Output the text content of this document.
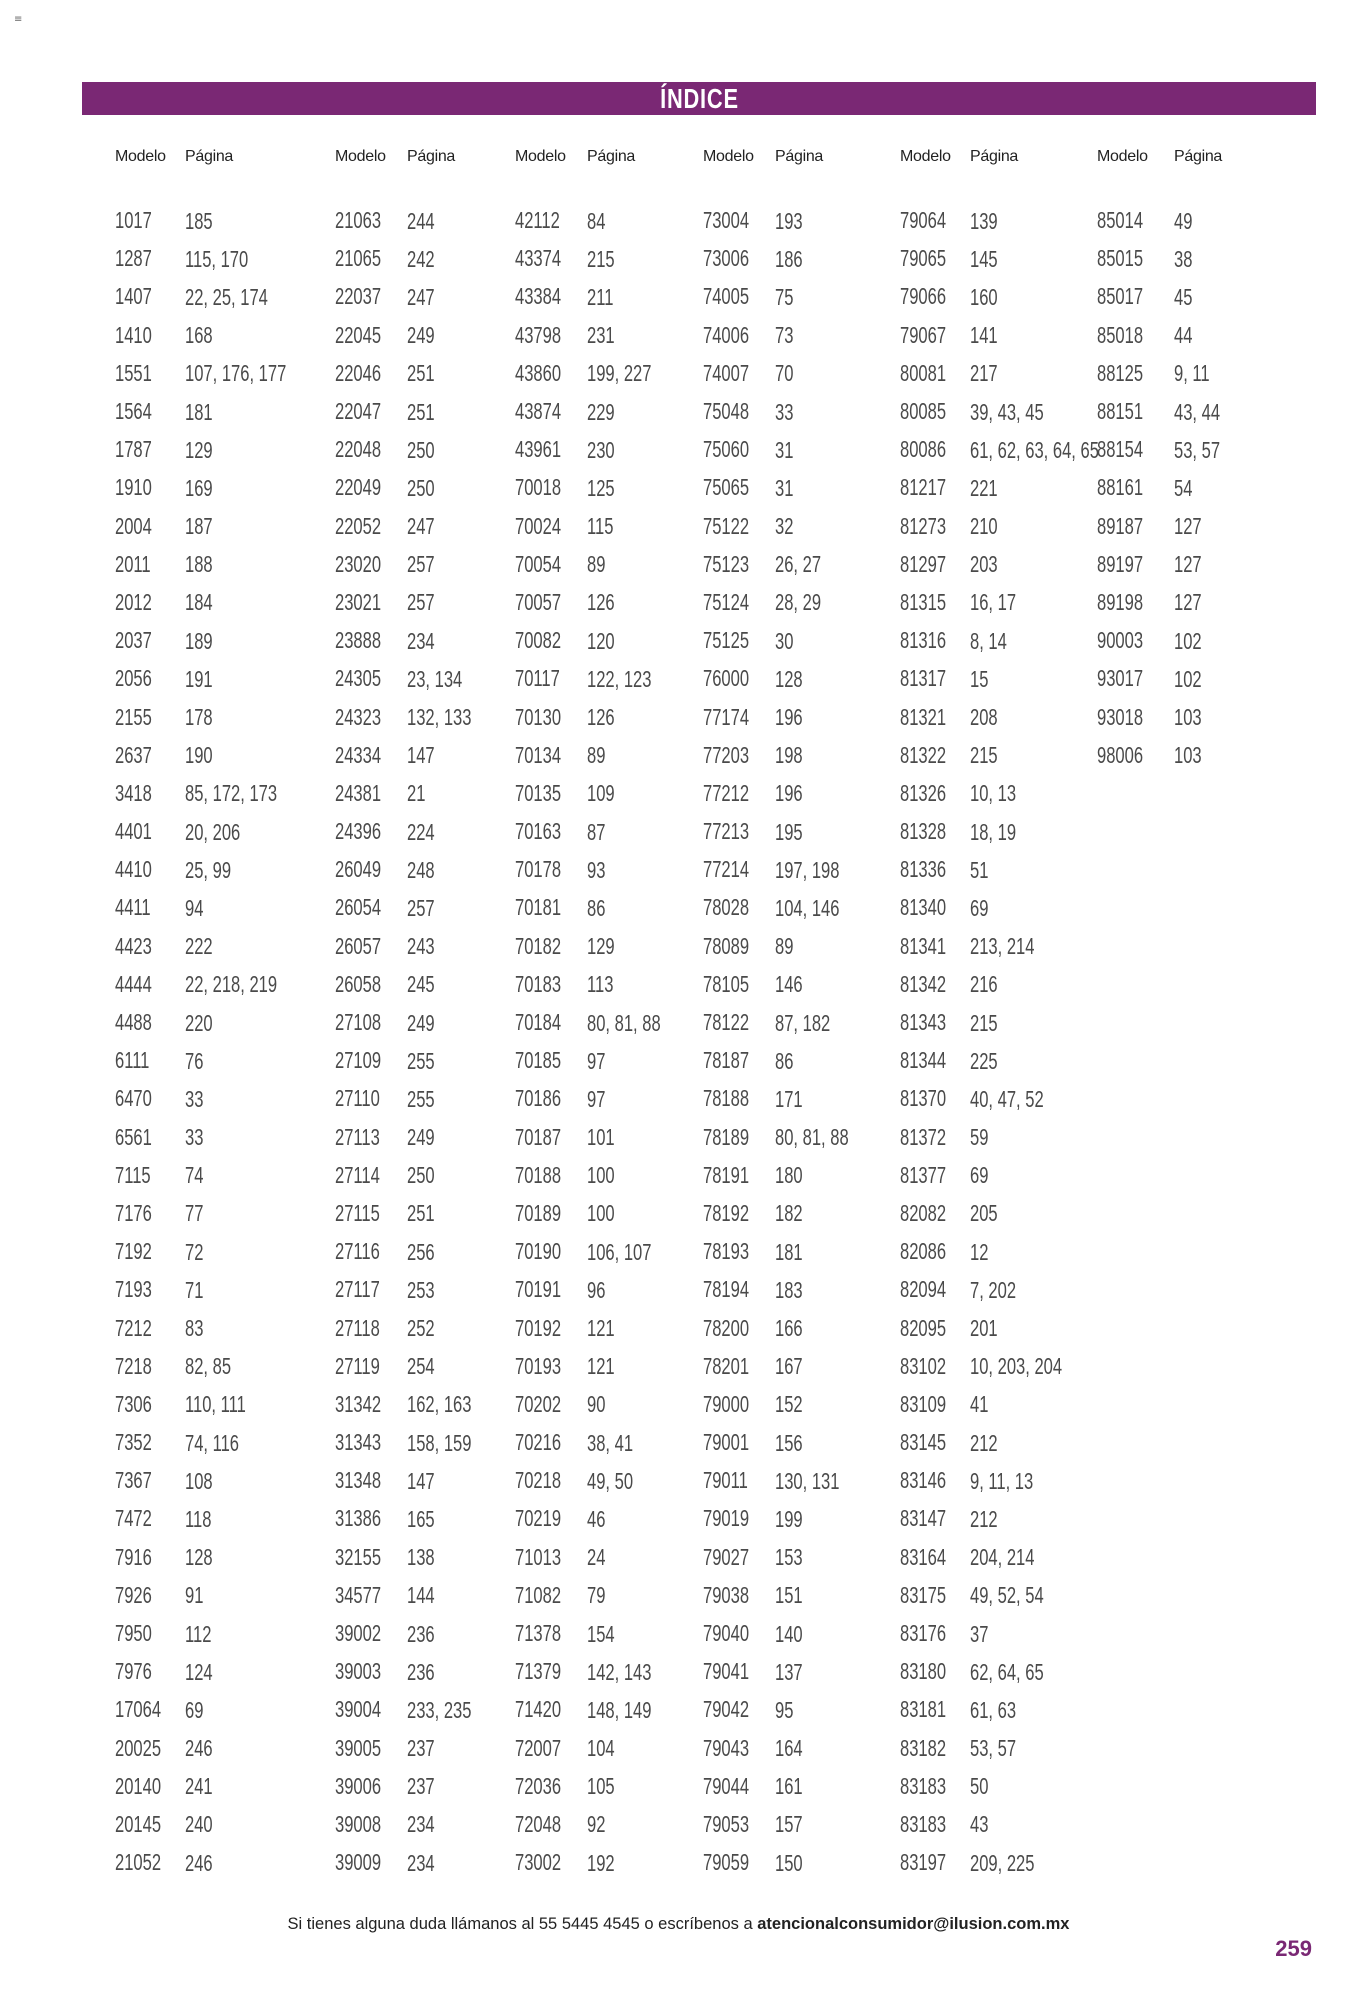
≡
ÍNDICE
Modelo	Página
1017	185
1287	115, 170
1407	22, 25, 174
1410	168
1551	107, 176, 177
1564	181
1787	129
1910	169
2004	187
2011	188
2012	184
2037	189
2056	191
2155	178
2637	190
3418	85, 172, 173
4401	20, 206
4410	25, 99
4411	94
4423	222
4444	22, 218, 219
4488	220
6111	76
6470	33
6561	33
7115	74
7176	77
7192	72
7193	71
7212	83
7218	82, 85
7306	110, 111
7352	74, 116
7367	108
7472	118
7916	128
7926	91
7950	112
7976	124
17064	69
20025	246
20140	241
20145	240
21052	246
Modelo	Página
21063	244
21065	242
22037	247
22045	249
22046	251
22047	251
22048	250
22049	250
22052	247
23020	257
23021	257
23888	234
24305	23, 134
24323	132, 133
24334	147
24381	21
24396	224
26049	248
26054	257
26057	243
26058	245
27108	249
27109	255
27110	255
27113	249
27114	250
27115	251
27116	256
27117	253
27118	252
27119	254
31342	162, 163
31343	158, 159
31348	147
31386	165
32155	138
34577	144
39002	236
39003	236
39004	233, 235
39005	237
39006	237
39008	234
39009	234
Modelo	Página
42112	84
43374	215
43384	211
43798	231
43860	199, 227
43874	229
43961	230
70018	125
70024	115
70054	89
70057	126
70082	120
70117	122, 123
70130	126
70134	89
70135	109
70163	87
70178	93
70181	86
70182	129
70183	113
70184	80, 81, 88
70185	97
70186	97
70187	101
70188	100
70189	100
70190	106, 107
70191	96
70192	121
70193	121
70202	90
70216	38, 41
70218	49, 50
70219	46
71013	24
71082	79
71378	154
71379	142, 143
71420	148, 149
72007	104
72036	105
72048	92
73002	192
Modelo	Página
73004	193
73006	186
74005	75
74006	73
74007	70
75048	33
75060	31
75065	31
75122	32
75123	26, 27
75124	28, 29
75125	30
76000	128
77174	196
77203	198
77212	196
77213	195
77214	197, 198
78028	104, 146
78089	89
78105	146
78122	87, 182
78187	86
78188	171
78189	80, 81, 88
78191	180
78192	182
78193	181
78194	183
78200	166
78201	167
79000	152
79001	156
79011	130, 131
79019	199
79027	153
79038	151
79040	140
79041	137
79042	95
79043	164
79044	161
79053	157
79059	150
Modelo	Página
79064	139
79065	145
79066	160
79067	141
80081	217
80085	39, 43, 45
80086	61, 62, 63, 64, 65
81217	221
81273	210
81297	203
81315	16, 17
81316	8, 14
81317	15
81321	208
81322	215
81326	10, 13
81328	18, 19
81336	51
81340	69
81341	213, 214
81342	216
81343	215
81344	225
81370	40, 47, 52
81372	59
81377	69
82082	205
82086	12
82094	7, 202
82095	201
83102	10, 203, 204
83109	41
83145	212
83146	9, 11, 13
83147	212
83164	204, 214
83175	49, 52, 54
83176	37
83180	62, 64, 65
83181	61, 63
83182	53, 57
83183	50
83183	43
83197	209, 225
Modelo	Página
85014	49
85015	38
85017	45
85018	44
88125	9, 11
88151	43, 44
88154	53, 57
88161	54
89187	127
89197	127
89198	127
90003	102
93017	102
93018	103
98006	103
Si tienes alguna duda llámanos al 55 5445 4545 o escríbenos a atencionalconsumidor@ilusion.com.mx
259
